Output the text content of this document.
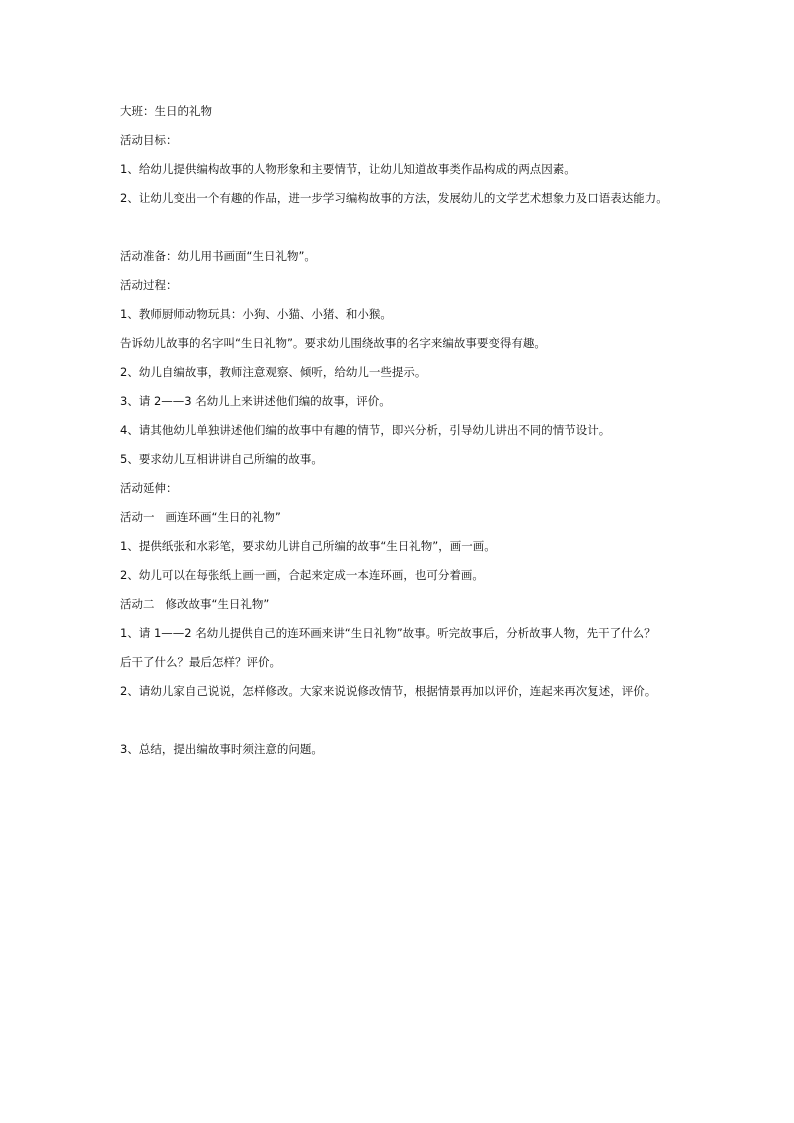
大班：生日的礼物
活动目标：
1、给幼儿提供编构故事的人物形象和主要情节，让幼儿知道故事类作品构成的两点因素。
2、让幼儿变出一个有趣的作品，进一步学习编构故事的方法，发展幼儿的文学艺术想象力及口语表达能力。
活动准备：幼儿用书画面“生日礼物”。
活动过程：
1、教师厨师动物玩具：小狗、小猫、小猪、和小猴。
告诉幼儿故事的名字叫“生日礼物”。要求幼儿围绕故事的名字来编故事要变得有趣。
2、幼儿自编故事，教师注意观察、倾听，给幼儿一些提示。
3、请 2——3 名幼儿上来讲述他们编的故事，评价。
4、请其他幼儿单独讲述他们编的故事中有趣的情节，即兴分析，引导幼儿讲出不同的情节设计。
5、要求幼儿互相讲讲自己所编的故事。
活动延伸：
活动一   画连环画“生日的礼物”
1、提供纸张和水彩笔，要求幼儿讲自己所编的故事“生日礼物”，画一画。
2、幼儿可以在每张纸上画一画，合起来定成一本连环画，也可分着画。
活动二   修改故事“生日礼物”
1、请 1——2 名幼儿提供自己的连环画来讲“生日礼物”故事。听完故事后，分析故事人物，先干了什么？
后干了什么？最后怎样？评价。
2、请幼儿家自己说说，怎样修改。大家来说说修改情节，根据情景再加以评价，连起来再次复述，评价。
3、总结，提出编故事时须注意的问题。
